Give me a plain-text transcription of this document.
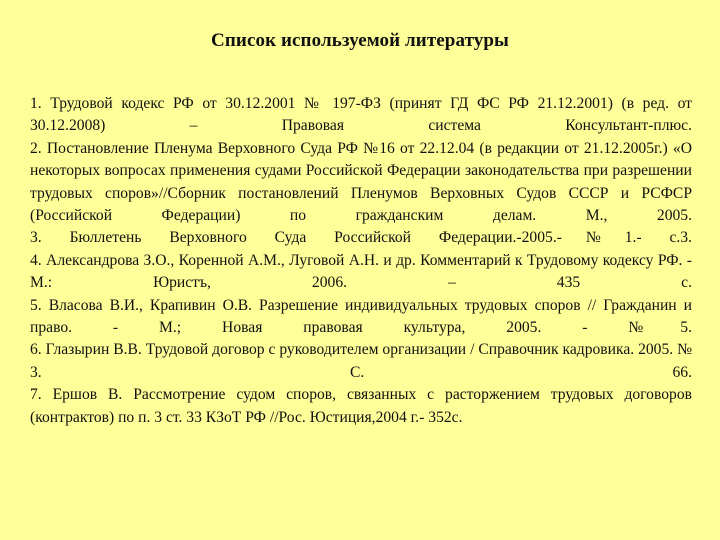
Список используемой литературы

1. Трудовой кодекс РФ от 30.12.2001 № 197-ФЗ (принят ГД ФС РФ 21.12.2001) (в ред. от 30.12.2008) – Правовая система Консультант-плюс.

2. Постановление Пленума Верховного Суда РФ №16 от 22.12.04 (в редакции от 21.12.2005г.) «О некоторых вопросах применения судами Российской Федерации законодательства при разрешении трудовых споров»//Сборник постановлений Пленумов Верховных Судов СССР и РСФСР (Российской Федерации) по гражданским делам. М., 2005.

3. Бюллетень Верховного Суда Российской Федерации.-2005.-№1.- с.3.

4. Александрова З.О., Коренной А.М., Луговой А.Н. и др. Комментарий к Трудовому кодексу РФ. - М.: Юристъ, 2006. – 435 с.

5. Власова В.И., Крапивин О.В. Разрешение индивидуальных трудовых споров // Гражданин и право. - М.; Новая правовая культура, 2005. - №5.

6. Глазырин В.В. Трудовой договор с руководителем организации / Справочник кадровика. 2005. № 3. С. 66.

7. Ершов В. Рассмотрение судом споров, связанных с расторжением трудовых договоров (контрактов) по п. 3 ст. 33 КЗоТ РФ //Рос. Юстиция,2004 г.- 352с.
